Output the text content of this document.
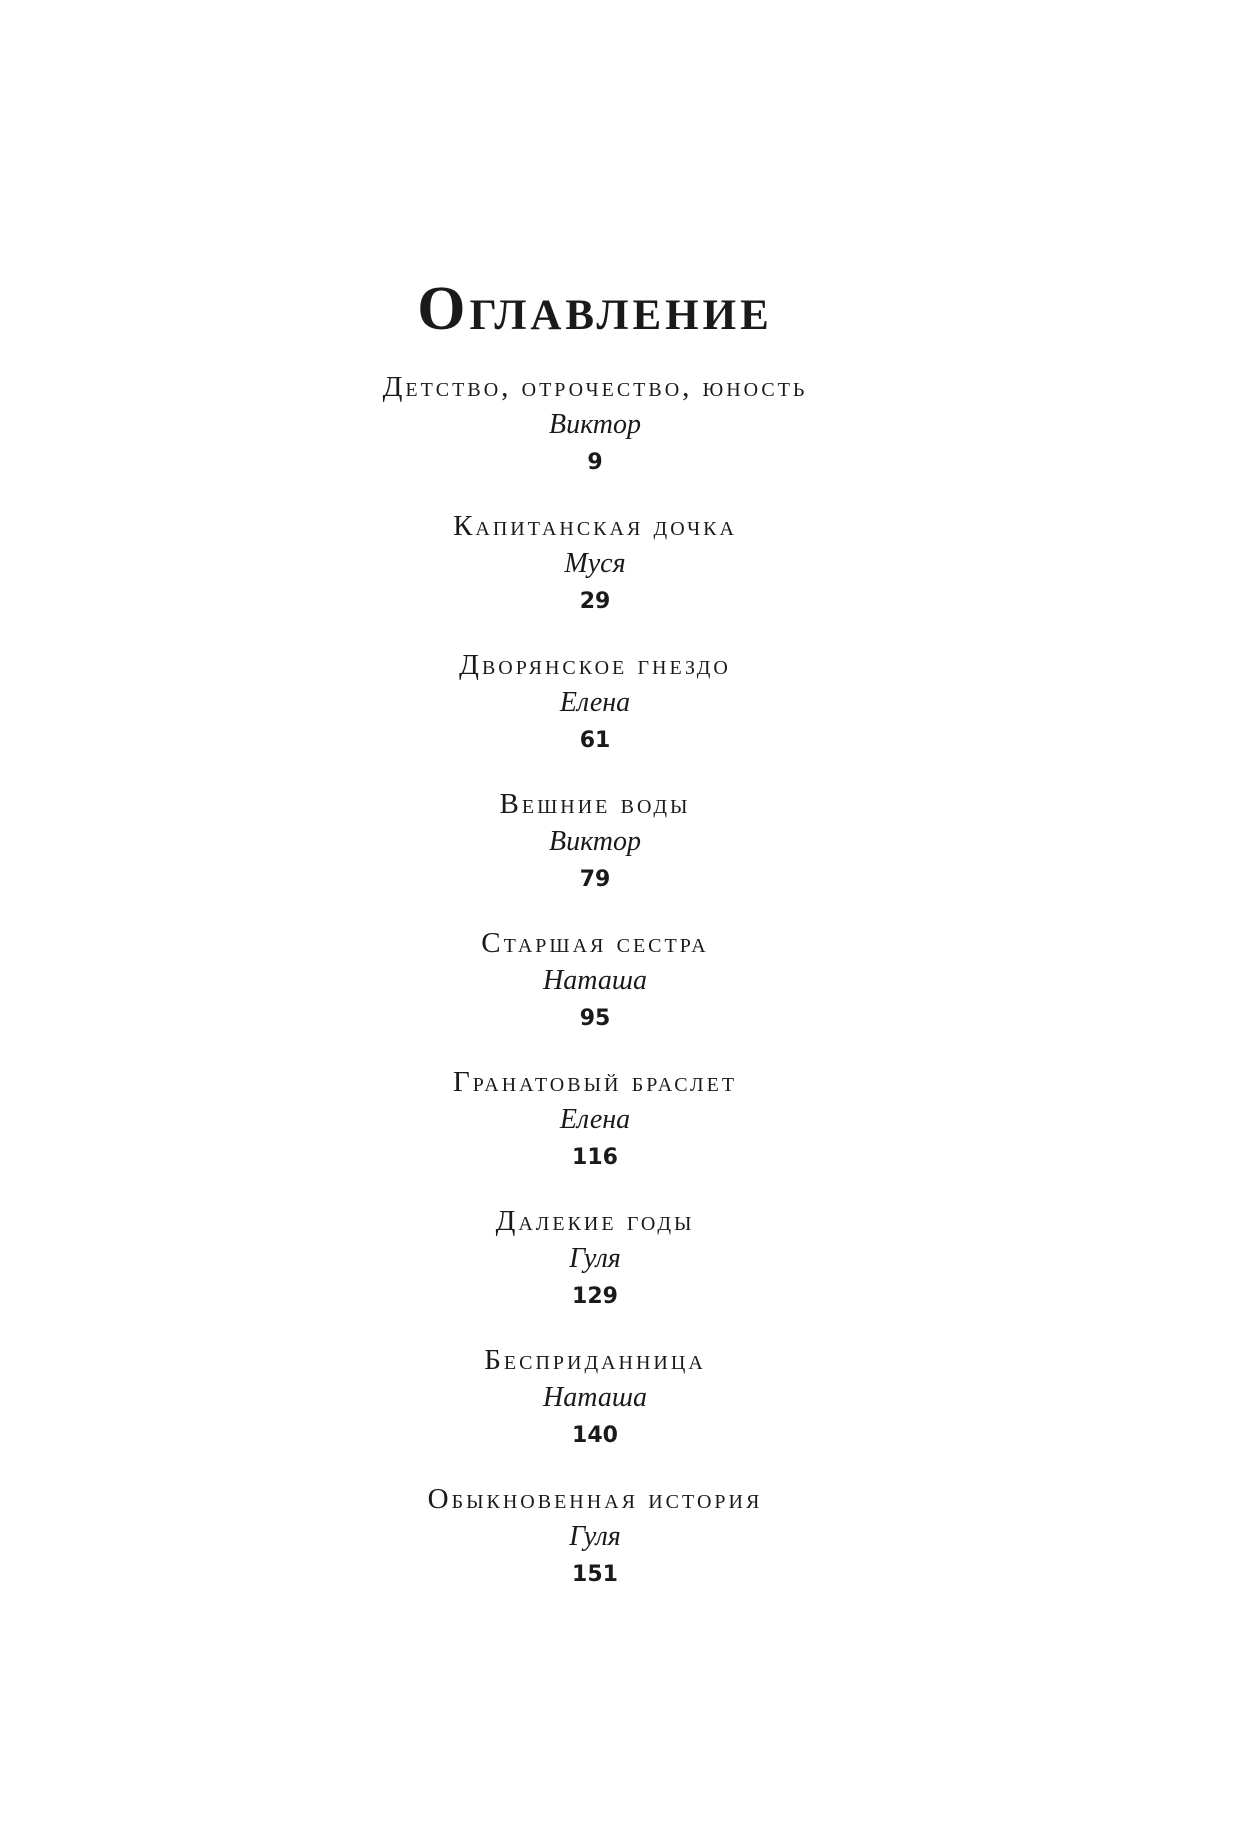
Оглавление
Детство, отрочество, юность
Виктор
9
Капитанская дочка
Муся
29
Дворянское гнездо
Елена
61
Вешние воды
Виктор
79
Старшая сестра
Наташа
95
Гранатовый браслет
Елена
116
Далекие годы
Гуля
129
Бесприданница
Наташа
140
Обыкновенная история
Гуля
151
